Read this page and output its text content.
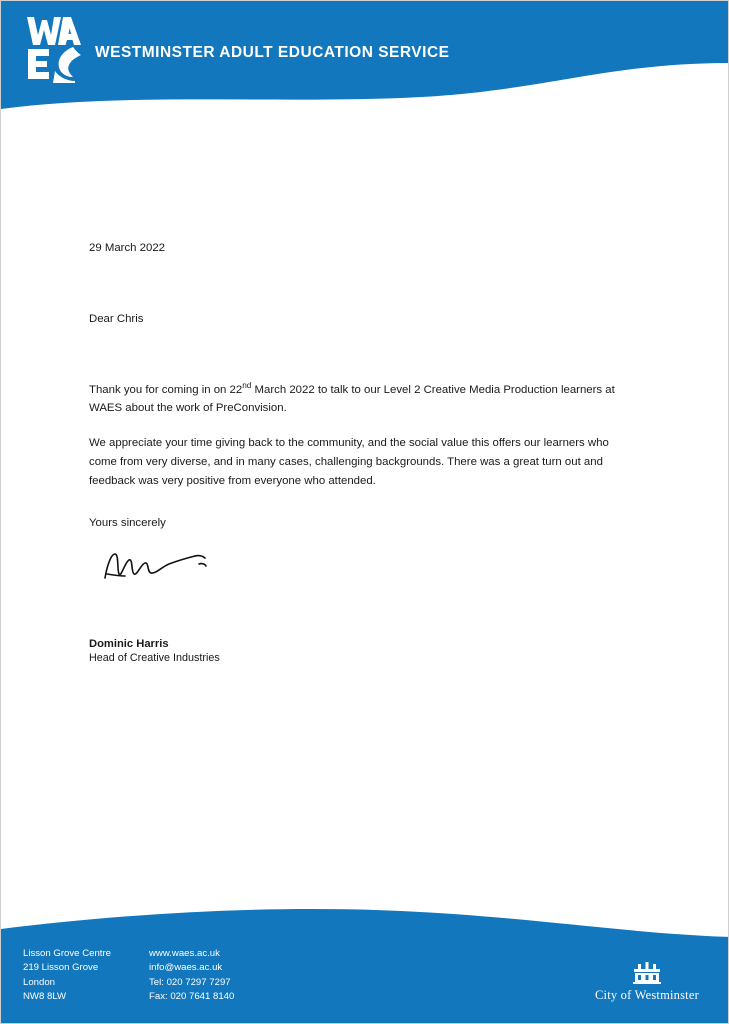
WESTMINSTER ADULT EDUCATION SERVICE

29 March 2022

Dear Chris

Thank you for coming in on 22nd March 2022 to talk to our Level 2 Creative Media Production learners at WAES about the work of PreConvision.

We appreciate your time giving back to the community, and the social value this offers our learners who come from very diverse, and in many cases, challenging backgrounds. There was a great turn out and feedback was very positive from everyone who attended.

Yours sincerely

Dominic Harris
Head of Creative Industries
Lisson Grove Centre
219 Lisson Grove
London
NW8 8LW
www.waes.ac.uk
info@waes.ac.uk
Tel: 020 7297 7297
Fax: 020 7641 8140	City of Westminster
